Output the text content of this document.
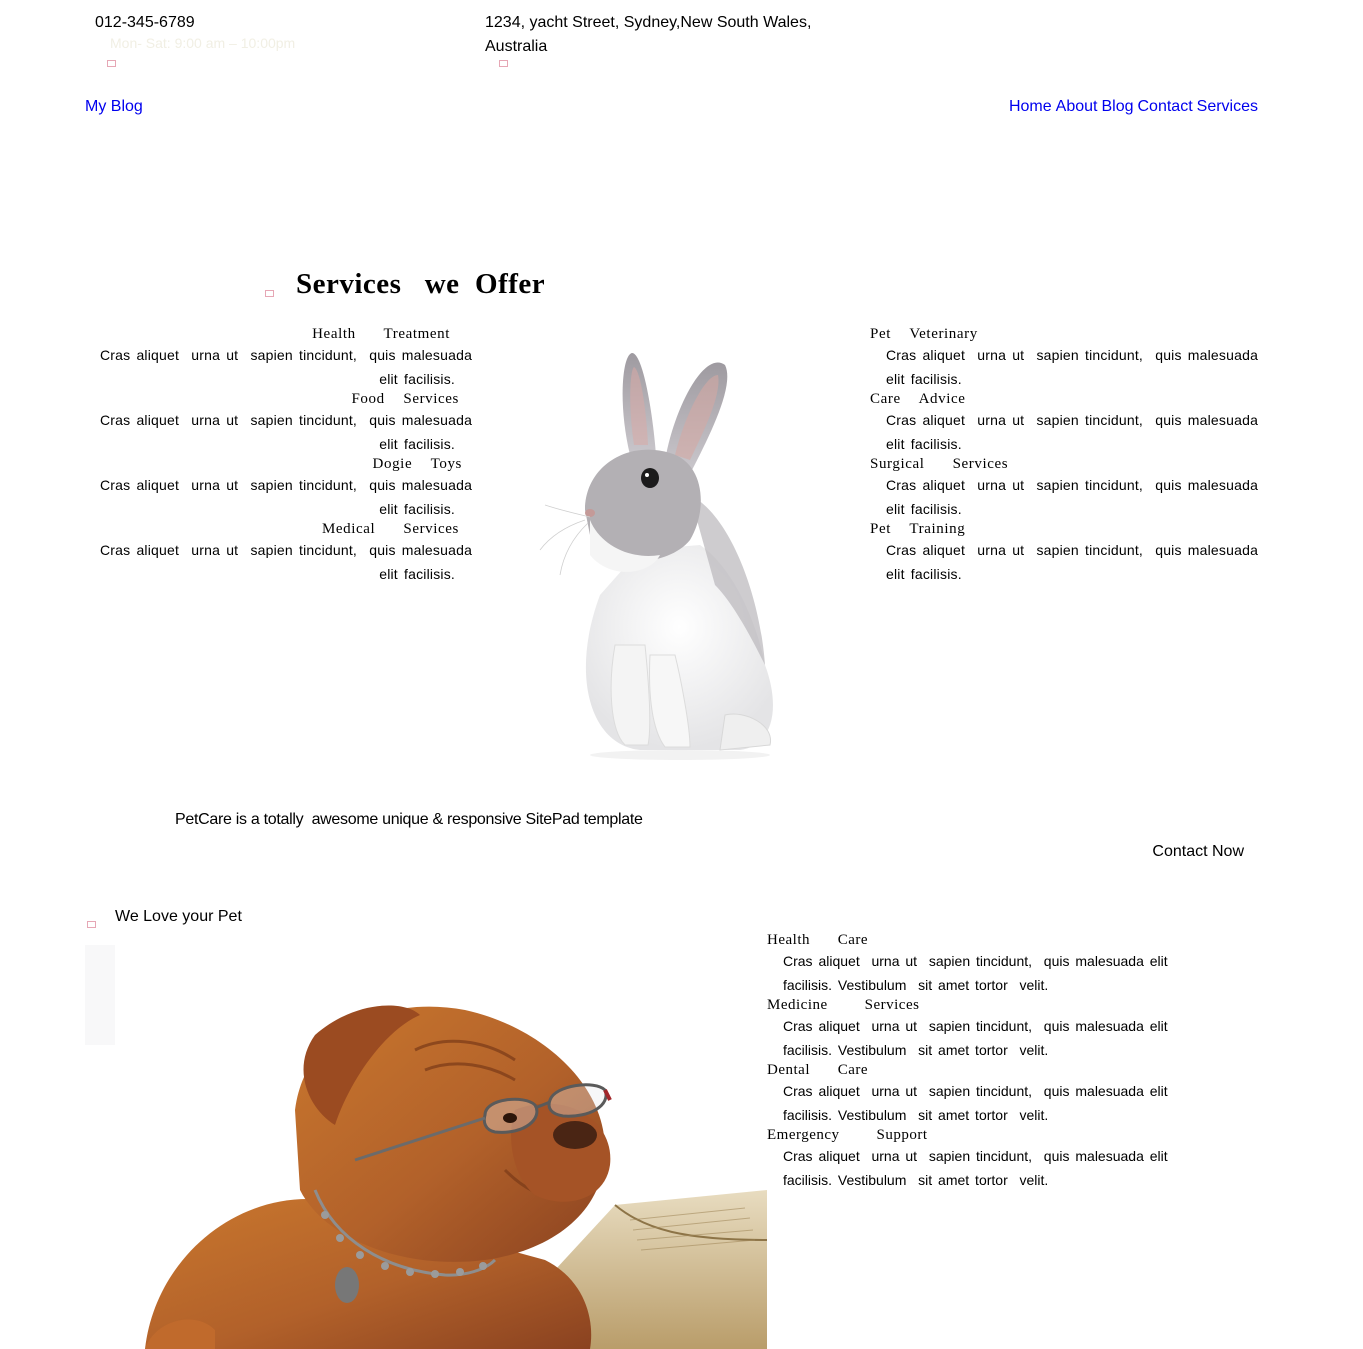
012-345-6789
Mon- Sat: 9:00 am – 10:00pm
1234, yacht Street, Sydney,New South Wales,
Australia
My Blog	Home About Blog Contact Services
Services   we  Offer
Health   Treatment
Cras aliquet  urna ut  sapien tincidunt,  quis malesuada
elit facilisis.
Food  Services
Cras aliquet  urna ut  sapien tincidunt,  quis malesuada
elit facilisis.
Dogie  Toys
Cras aliquet  urna ut  sapien tincidunt,  quis malesuada
elit facilisis.
Medical   Services
Cras aliquet  urna ut  sapien tincidunt,  quis malesuada
elit facilisis.
Pet  Veterinary
Cras aliquet  urna ut  sapien tincidunt,  quis malesuada
elit facilisis.
Care  Advice
Cras aliquet  urna ut  sapien tincidunt,  quis malesuada
elit facilisis.
Surgical   Services
Cras aliquet  urna ut  sapien tincidunt,  quis malesuada
elit facilisis.
Pet  Training
Cras aliquet  urna ut  sapien tincidunt,  quis malesuada
elit facilisis.
PetCare is a totally  awesome unique & responsive SitePad template
Contact Now
We Love your Pet
Health   Care
Cras aliquet  urna ut  sapien tincidunt,  quis malesuada elit
facilisis. Vestibulum  sit amet tortor  velit.
Medicine    Services
Cras aliquet  urna ut  sapien tincidunt,  quis malesuada elit
facilisis. Vestibulum  sit amet tortor  velit.
Dental   Care
Cras aliquet  urna ut  sapien tincidunt,  quis malesuada elit
facilisis. Vestibulum  sit amet tortor  velit.
Emergency    Support
Cras aliquet  urna ut  sapien tincidunt,  quis malesuada elit
facilisis. Vestibulum  sit amet tortor  velit.
